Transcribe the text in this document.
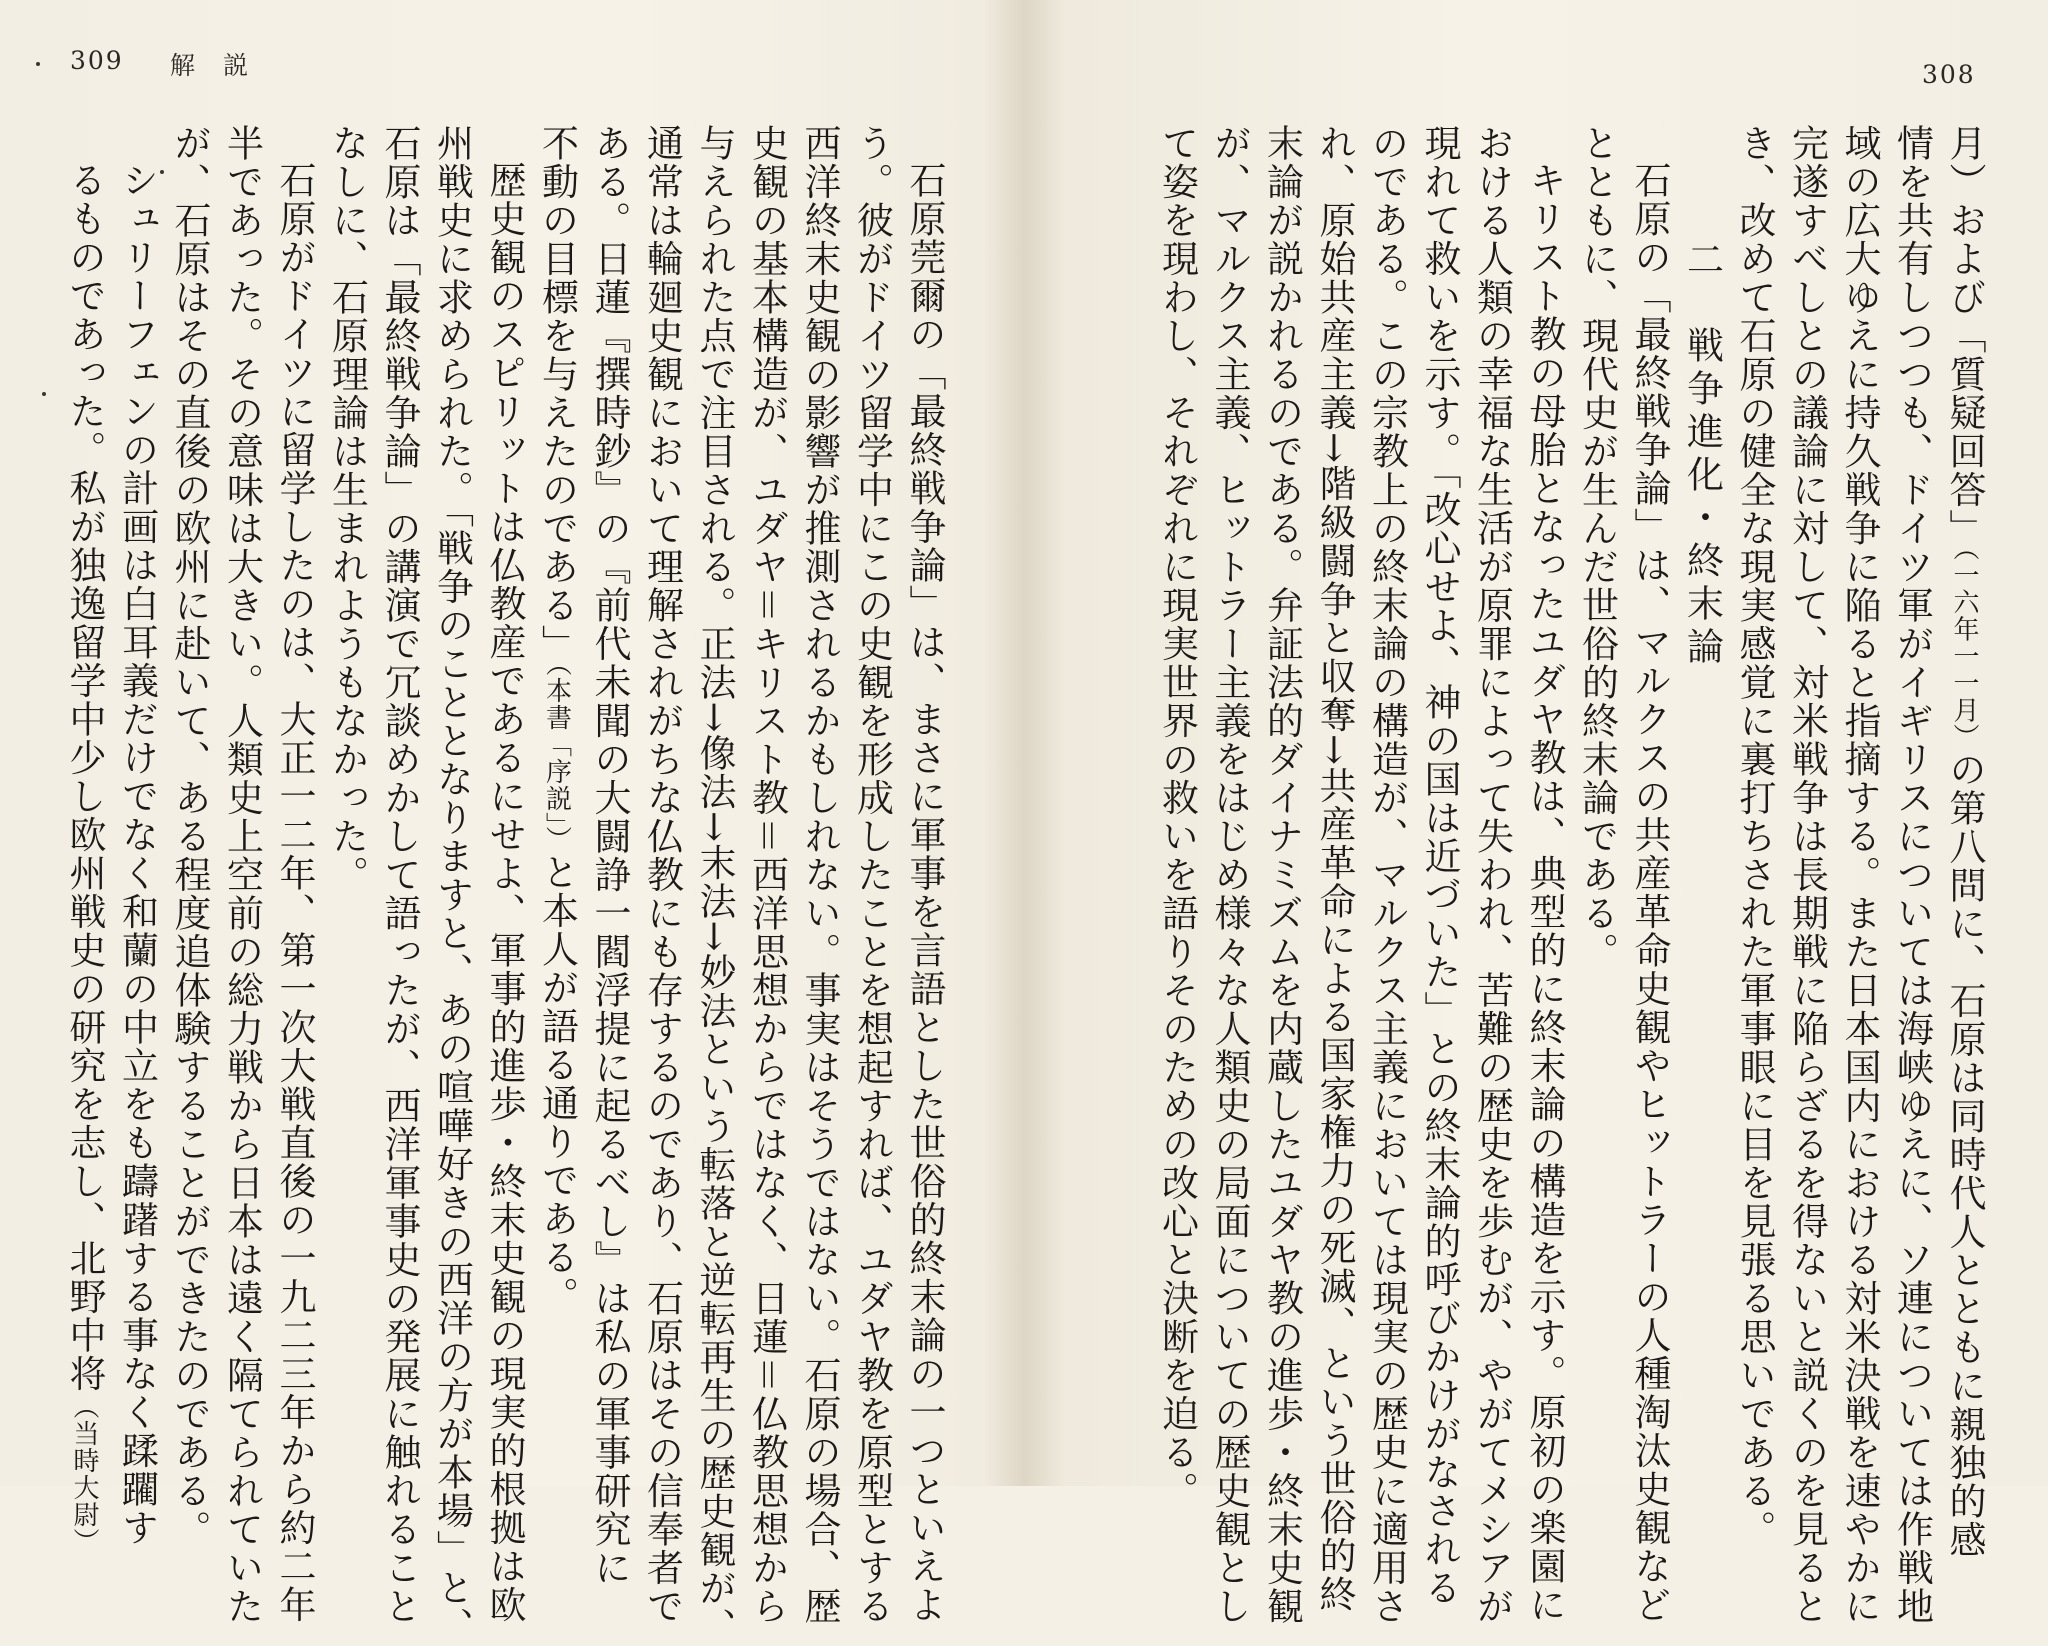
309 解 説
石原莞爾の「最終戦争論」は、まさに軍事を言語とした世俗的終末論の一つといえよ
う。彼がドイツ留学中にこの史観を形成したことを想起すれば、ユダヤ教を原型とする
西洋終末史観の影響が推測されるかもしれない。事実はそうではない。石原の場合、歴
史観の基本構造が、ユダヤ＝キリスト教＝西洋思想からではなく、日蓮＝仏教思想から
与えられた点で注目される。正法→像法→末法→妙法という転落と逆転再生の歴史観が、
通常は輪廻史観において理解されがちな仏教にも存するのであり、石原はその信奉者で
ある。日蓮『撰時鈔』の『前代未聞の大闘諍一閻浮提に起るべし』は私の軍事研究に
不動の目標を与えたのである」（本書「序説」）と本人が語る通りである。
歴史観のスピリットは仏教産であるにせよ、軍事的進歩・終末史観の現実的根拠は欧
州戦史に求められた。「戦争のこととなりますと、あの喧嘩好きの西洋の方が本場」と、
石原は「最終戦争論」の講演で冗談めかして語ったが、西洋軍事史の発展に触れること
なしに、石原理論は生まれようもなかった。
石原がドイツに留学したのは、大正一二年、第一次大戦直後の一九二三年から約二年
半であった。その意味は大きい。人類史上空前の総力戦から日本は遠く隔てられていた
が、石原はその直後の欧州に赴いて、ある程度追体験することができたのである。
シュリーフェンの計画は白耳義だけでなく和蘭の中立をも躊躇する事なく蹂躙す
るものであった。私が独逸留学中少し欧州戦史の研究を志し、北野中将（当時大尉）
308
月）および「質疑回答」（一六年一一月）の第八問に、石原は同時代人とともに親独的感
情を共有しつつも、ドイツ軍がイギリスについては海峡ゆえに、ソ連については作戦地
域の広大ゆえに持久戦争に陥ると指摘する。また日本国内における対米決戦を速やかに
完遂すべしとの議論に対して、対米戦争は長期戦に陥らざるを得ないと説くのを見ると
き、改めて石原の健全な現実感覚に裏打ちされた軍事眼に目を見張る思いである。
二　戦争進化・終末論
石原の「最終戦争論」は、マルクスの共産革命史観やヒットラーの人種淘汰史観など
とともに、現代史が生んだ世俗的終末論である。
キリスト教の母胎となったユダヤ教は、典型的に終末論の構造を示す。原初の楽園に
おける人類の幸福な生活が原罪によって失われ、苦難の歴史を歩むが、やがてメシアが
現れて救いを示す。「改心せよ、神の国は近づいた」との終末論的呼びかけがなされる
のである。この宗教上の終末論の構造が、マルクス主義においては現実の歴史に適用さ
れ、原始共産主義→階級闘争と収奪→共産革命による国家権力の死滅、という世俗的終
末論が説かれるのである。弁証法的ダイナミズムを内蔵したユダヤ教の進歩・終末史観
が、マルクス主義、ヒットラー主義をはじめ様々な人類史の局面についての歴史観とし
て姿を現わし、それぞれに現実世界の救いを語りそのための改心と決断を迫る。
